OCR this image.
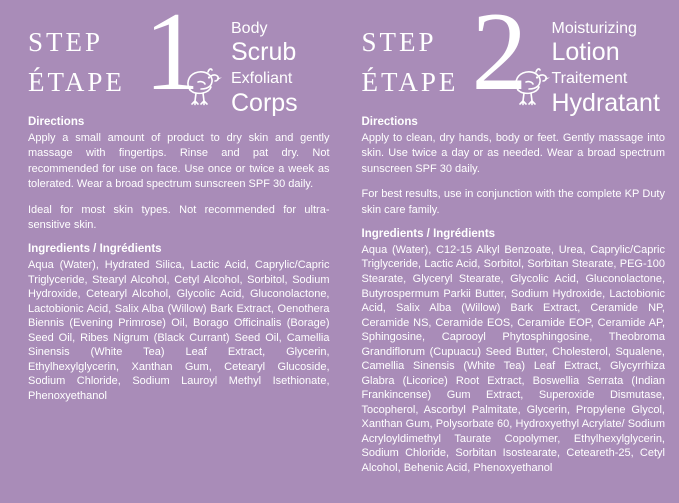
STEP
ÉTAPE 1 Body
Scrub
Exfoliant
Corps
Directions

Apply a small amount of product to dry skin and gently massage with fingertips. Rinse and pat dry. Not recommended for use on face. Use once or twice a week as tolerated. Wear a broad spectrum sunscreen SPF 30 daily.

Ideal for most skin types. Not recommended for ultra-sensitive skin.

Ingredients / Ingrédients

Aqua (Water), Hydrated Silica, Lactic Acid, Caprylic/Capric Triglyceride, Stearyl Alcohol, Cetyl Alcohol, Sorbitol, Sodium Hydroxide, Cetearyl Alcohol, Glycolic Acid, Gluconolactone, Lactobionic Acid, Salix Alba (Willow) Bark Extract, Oenothera Biennis (Evening Primrose) Oil, Borago Officinalis (Borage) Seed Oil, Ribes Nigrum (Black Currant) Seed Oil, Camellia Sinensis (White Tea) Leaf Extract, Glycerin, Ethylhexylglycerin, Xanthan Gum, Cetearyl Glucoside, Sodium Chloride, Sodium Lauroyl Methyl Isethionate, Phenoxyethanol

STEP
ÉTAPE 2 Moisturizing
Lotion
Traitement
Hydratant
Directions

Apply to clean, dry hands, body or feet. Gently massage into skin. Use twice a day or as needed. Wear a broad spectrum sunscreen SPF 30 daily.

For best results, use in conjunction with the complete KP Duty skin care family.

Ingredients / Ingrédients

Aqua (Water), C12-15 Alkyl Benzoate, Urea, Caprylic/Capric Triglyceride, Lactic Acid, Sorbitol, Sorbitan Stearate, PEG-100 Stearate, Glyceryl Stearate, Glycolic Acid, Gluconolactone, Butyrospermum Parkii Butter, Sodium Hydroxide, Lactobionic Acid, Salix Alba (Willow) Bark Extract, Ceramide NP, Ceramide NS, Ceramide EOS, Ceramide EOP, Ceramide AP, Sphingosine, Caprooyl Phytosphingosine, Theobroma Grandiflorum (Cupuacu) Seed Butter, Cholesterol, Squalene, Camellia Sinensis (White Tea) Leaf Extract, Glycyrrhiza Glabra (Licorice) Root Extract, Boswellia Serrata (Indian Frankincense) Gum Extract, Superoxide Dismutase, Tocopherol, Ascorbyl Palmitate, Glycerin, Propylene Glycol, Xanthan Gum, Polysorbate 60, Hydroxyethyl Acrylate/ Sodium Acryloyldimethyl Taurate Copolymer, Ethylhexylglycerin, Sodium Chloride, Sorbitan Isostearate, Ceteareth-25, Cetyl Alcohol, Behenic Acid, Phenoxyethanol
